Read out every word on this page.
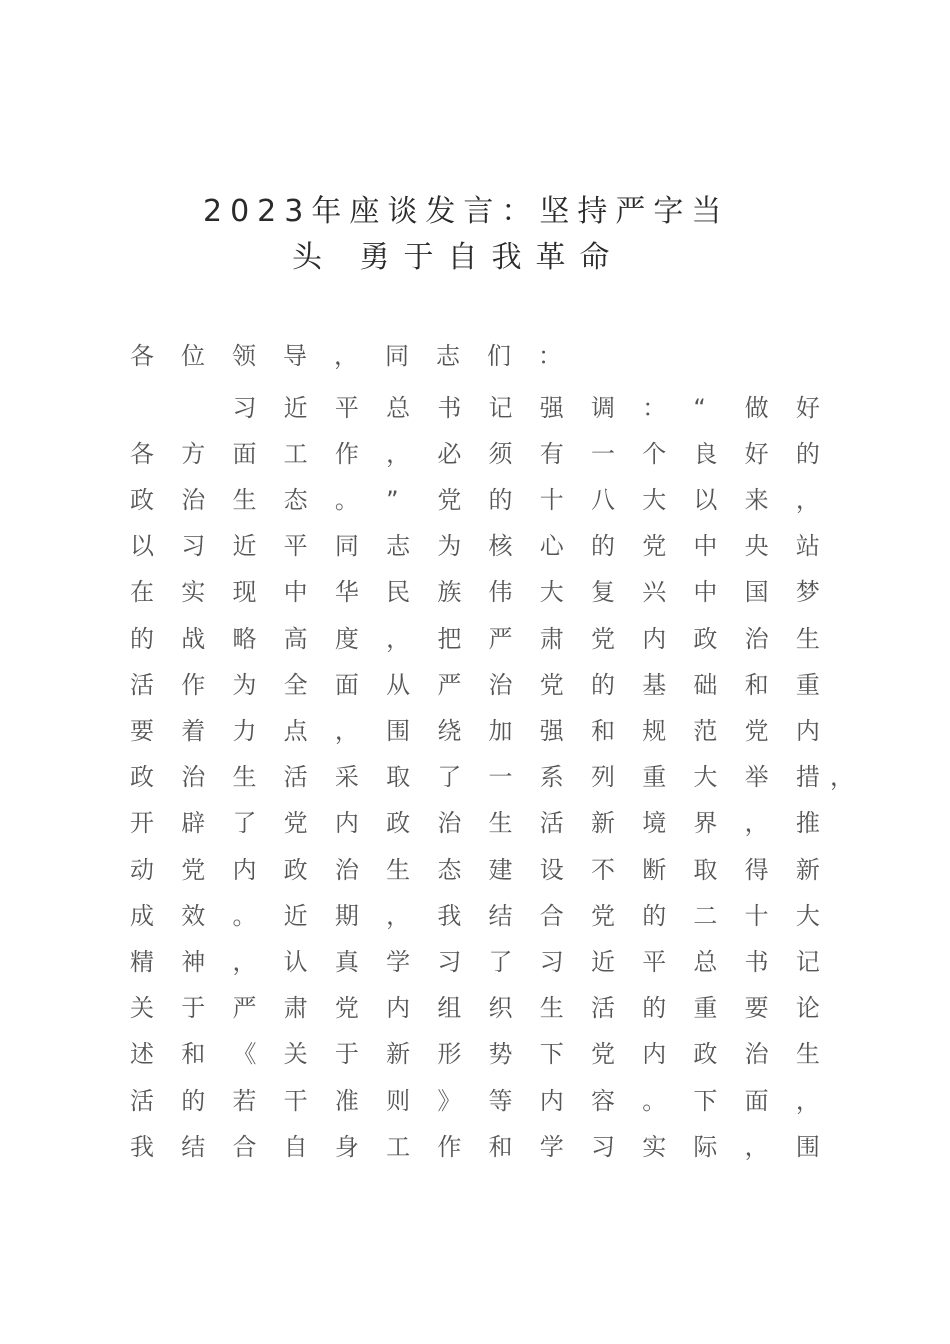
2023年座谈发言：坚持严字当
头 勇于自我革命
各位领导，同志们：

习 近 平 总 书 记 强 调 ： “	做 好
各 方 面 工 作 ， 必 须 有 一 个 良 好 的
政 治 生 态 。 ”	党 的 十 八 大 以 来 ，
以 习 近 平 同 志 为 核 心 的 党 中 央 站
在 实 现 中 华 民 族 伟 大 复 兴 中 国 梦
的 战 略 高 度 ， 把 严 肃 党 内 政 治 生
活 作 为 全 面 从 严 治 党 的 基 础 和 重
要 着 力 点 ， 围 绕 加 强 和 规 范 党 内
政 治 生 活 采 取 了 一 系 列 重 大 举 措 ，
开 辟 了 党 内 政 治 生 活 新 境 界 ， 推
动 党 内 政 治 生 态 建 设 不 断 取 得 新
成 效 。 近 期 ， 我 结 合 党 的 二 十 大
精 神 ， 认 真 学 习 了 习 近 平 总 书 记
关 于 严 肃 党 内 组 织 生 活 的 重 要 论
述 和 《 关 于 新 形 势 下 党 内 政 治 生
活 的 若 干 准 则 》 等 内 容 。 下 面 ，
我 结 合 自 身 工 作 和 学 习 实 际 ， 围
